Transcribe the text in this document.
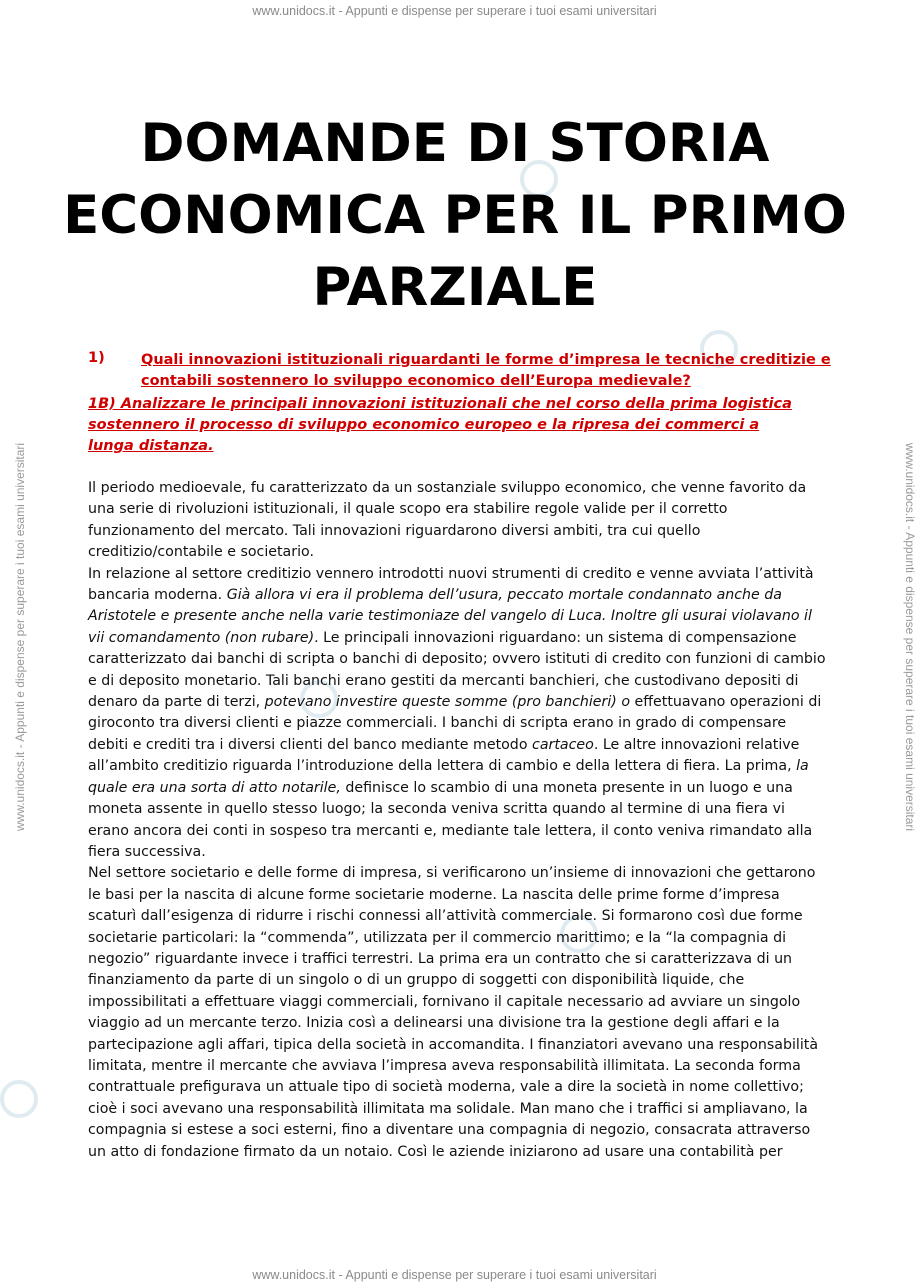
www.unidocs.it - Appunti e dispense per superare i tuoi esami universitari
www.unidocs.it - Appunti e dispense per superare i tuoi esami universitari	www.unidocs.it - Appunti e dispense per superare i tuoi esami universitari
DOMANDE DI STORIA ECONOMICA PER IL PRIMO PARZIALE
1)	Quali innovazioni istituzionali riguardanti le forme d’impresa le tecniche creditizie e contabili sostennero lo sviluppo economico dell’Europa medievale?
1B) Analizzare le principali innovazioni istituzionali che nel corso della prima logistica sostennero il processo di sviluppo economico europeo e la ripresa dei commerci a lunga distanza.

Il periodo medioevale, fu caratterizzato da un sostanziale sviluppo economico, che venne favorito da una serie di rivoluzioni istituzionali, il quale scopo era stabilire regole valide per il corretto funzionamento del mercato. Tali innovazioni riguardarono diversi ambiti, tra cui quello creditizio/contabile e societario.

In relazione al settore creditizio vennero introdotti nuovi strumenti di credito e venne avviata l’attività bancaria moderna. Già allora vi era il problema dell’usura, peccato mortale condannato anche da Aristotele e presente anche nella varie testimoniaze del vangelo di Luca. Inoltre gli usurai violavano il vii comandamento (non rubare). Le principali innovazioni riguardano: un sistema di compensazione caratterizzato dai banchi di scripta o banchi di deposito; ovvero istituti di credito con funzioni di cambio e di deposito monetario. Tali banchi erano gestiti da mercanti banchieri, che custodivano depositi di denaro da parte di terzi, potevano investire queste somme (pro banchieri) o effettuavano operazioni di giroconto tra diversi clienti e piazze commerciali. I banchi di scripta erano in grado di compensare debiti e crediti tra i diversi clienti del banco mediante metodo cartaceo. Le altre innovazioni relative all’ambito creditizio riguarda l’introduzione della lettera di cambio e della lettera di fiera. La prima, la quale era una sorta di atto notarile, definisce lo scambio di una moneta presente in un luogo e una moneta assente in quello stesso luogo; la seconda veniva scritta quando al termine di una fiera vi erano ancora dei conti in sospeso tra mercanti e, mediante tale lettera, il conto veniva rimandato alla fiera successiva.

Nel settore societario e delle forme di impresa, si verificarono un’insieme di innovazioni che gettarono le basi per la nascita di alcune forme societarie moderne. La nascita delle prime forme d’impresa scaturì dall’esigenza di ridurre i rischi connessi all’attività commerciale. Si formarono così due forme societarie particolari: la “commenda”, utilizzata per il commercio marittimo; e la “la compagnia di negozio” riguardante invece i traffici terrestri. La prima era un contratto che si caratterizzava di un finanziamento da parte di un singolo o di un gruppo di soggetti con disponibilità liquide, che impossibilitati a effettuare viaggi commerciali, fornivano il capitale necessario ad avviare un singolo viaggio ad un mercante terzo. Inizia così a delinearsi una divisione tra la gestione degli affari e la partecipazione agli affari, tipica della società in accomandita. I finanziatori avevano una responsabilità limitata, mentre il mercante che avviava l’impresa aveva responsabilità illimitata. La seconda forma contrattuale prefigurava un attuale tipo di società moderna, vale a dire la società in nome collettivo; cioè i soci avevano una responsabilità illimitata ma solidale. Man mano che i traffici si ampliavano, la compagnia si estese a soci esterni, fino a diventare una compagnia di negozio, consacrata attraverso un atto di fondazione firmato da un notaio. Così le aziende iniziarono ad usare una contabilità per

www.unidocs.it - Appunti e dispense per superare i tuoi esami universitari
